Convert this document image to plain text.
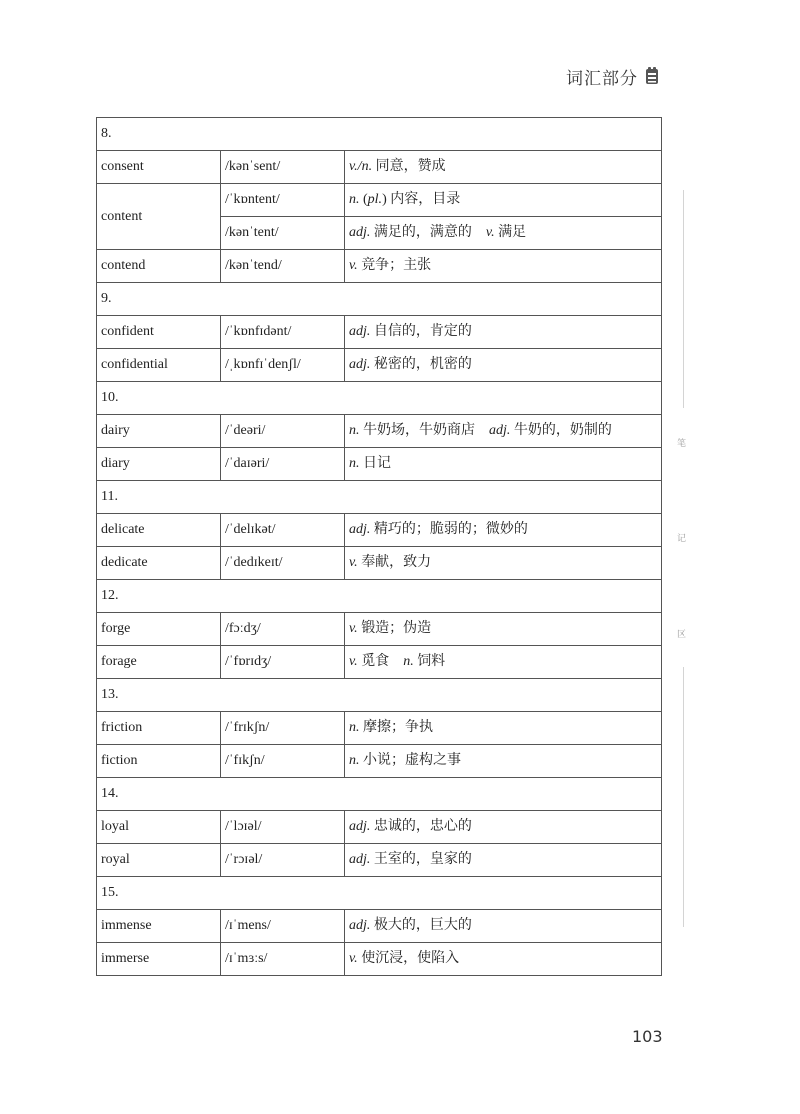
词汇部分
笔
记
区
8.		
consent	/kənˈsent/	v./n. 同意，赞成
content	/ˈkɒntent/	n. (pl.) 内容，目录
	/kənˈtent/	adj. 满足的，满意的　v. 满足
contend	/kənˈtend/	v. 竞争；主张
9.		
confident	/ˈkɒnfɪdənt/	adj. 自信的，肯定的
confidential	/ˌkɒnfɪˈdenʃl/	adj. 秘密的，机密的
10.		
dairy	/ˈdeəri/	n. 牛奶场，牛奶商店　adj. 牛奶的，奶制的
diary	/ˈdaɪəri/	n. 日记
11.		
delicate	/ˈdelɪkət/	adj. 精巧的；脆弱的；微妙的
dedicate	/ˈdedɪkeɪt/	v. 奉献，致力
12.		
forge	/fɔːdʒ/	v. 锻造；伪造
forage	/ˈfɒrɪdʒ/	v. 觅食　n. 饲料
13.		
friction	/ˈfrɪkʃn/	n. 摩擦；争执
fiction	/ˈfɪkʃn/	n. 小说；虚构之事
14.		
loyal	/ˈlɔɪəl/	adj. 忠诚的，忠心的
royal	/ˈrɔɪəl/	adj. 王室的，皇家的
15.		
immense	/ɪˈmens/	adj. 极大的，巨大的
immerse	/ɪˈmɜːs/	v. 使沉浸，使陷入
103
